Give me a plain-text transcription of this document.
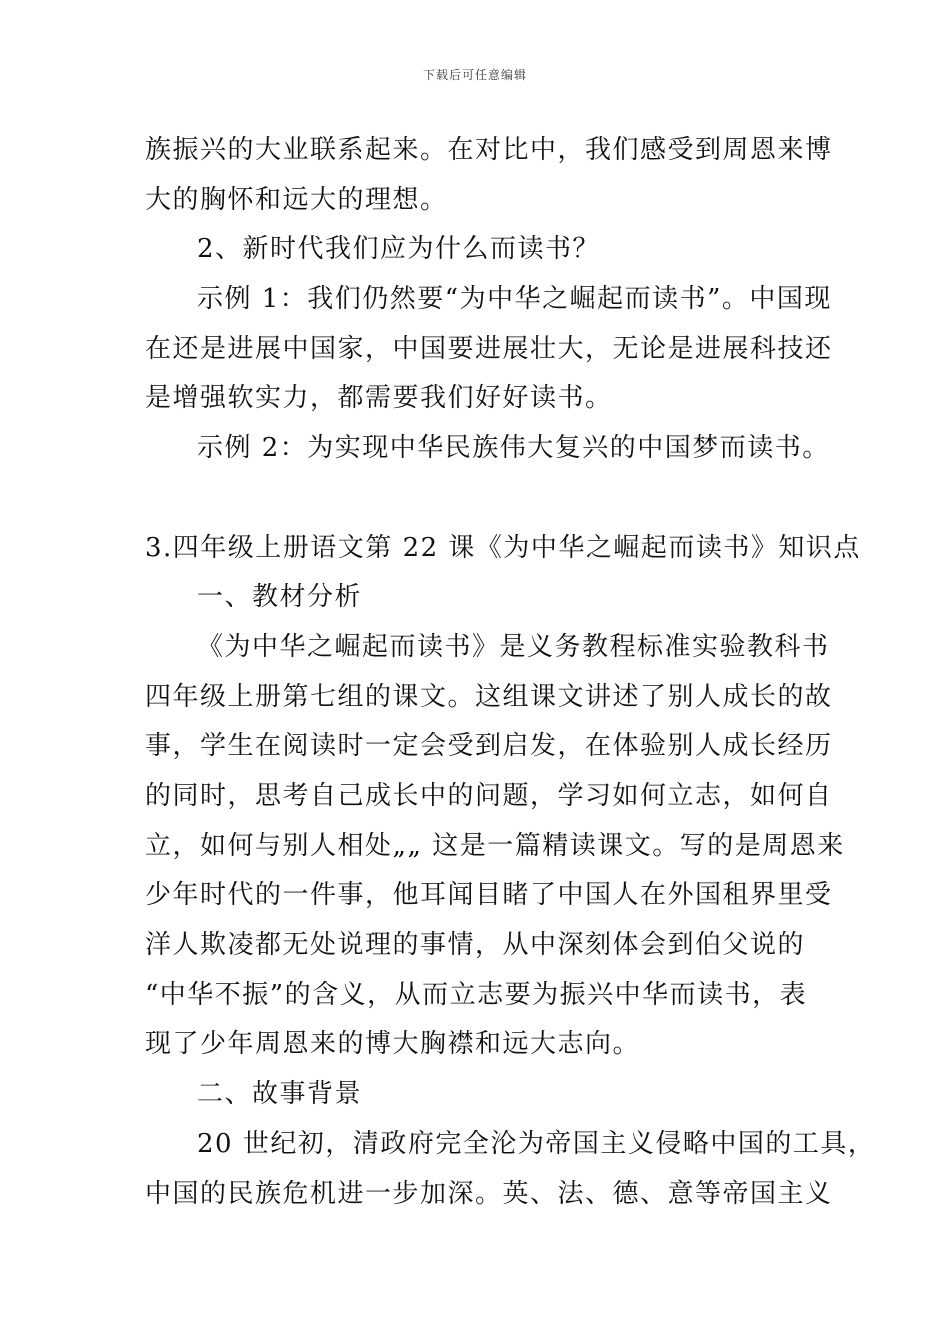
下载后可任意编辑
族振兴的大业联系起来。在对比中，我们感受到周恩来博
大的胸怀和远大的理想。
2、新时代我们应为什么而读书？
示例 1：我们仍然要“为中华之崛起而读书”。中国现
在还是进展中国家，中国要进展壮大，无论是进展科技还
是增强软实力，都需要我们好好读书。
示例 2：为实现中华民族伟大复兴的中国梦而读书。
3.四年级上册语文第 22 课《为中华之崛起而读书》知识点
一、教材分析
《为中华之崛起而读书》是义务教程标准实验教科书
四年级上册第七组的课文。这组课文讲述了别人成长的故
事，学生在阅读时一定会受到启发，在体验别人成长经历
的同时，思考自己成长中的问题，学习如何立志，如何自
立，如何与别人相处„„ 这是一篇精读课文。写的是周恩来
少年时代的一件事，他耳闻目睹了中国人在外国租界里受
洋人欺凌都无处说理的事情，从中深刻体会到伯父说的
“中华不振”的含义，从而立志要为振兴中华而读书，表
现了少年周恩来的博大胸襟和远大志向。
二、故事背景
20 世纪初，清政府完全沦为帝国主义侵略中国的工具，
中国的民族危机进一步加深。英、法、德、意等帝国主义
